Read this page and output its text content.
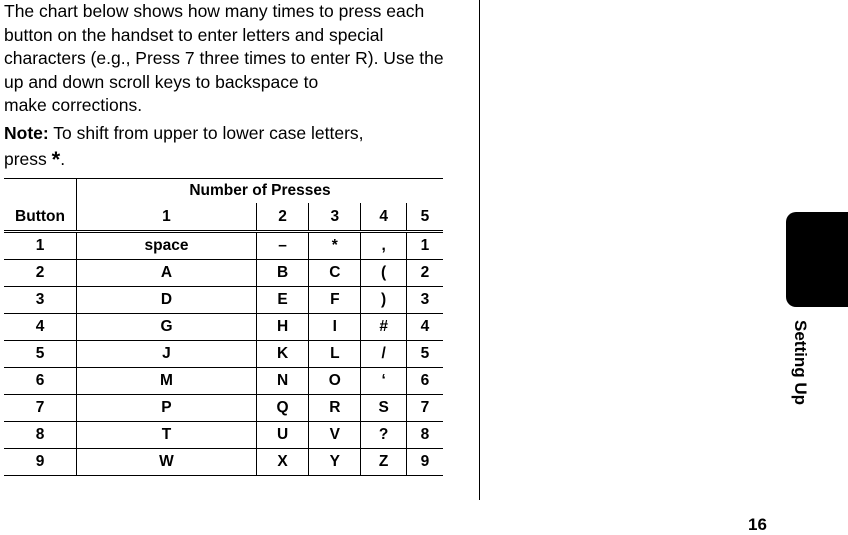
The chart below shows how many times to press each

button on the handset to enter letters and special

characters (e.g., Press 7 three times to enter R). Use the

up and down scroll keys to backspace to

make corrections.

Note: To shift from upper to lower case letters,
press *.
Button	Number of Presses				
	1	2	3	4	5
1	space	–	*	,	1
2	A	B	C	(	2
3	D	E	F	)	3
4	G	H	I	#	4
5	J	K	L	/	5
6	M	N	O	‘	6
7	P	Q	R	S	7
8	T	U	V	?	8
9	W	X	Y	Z	9
Setting Up
16
